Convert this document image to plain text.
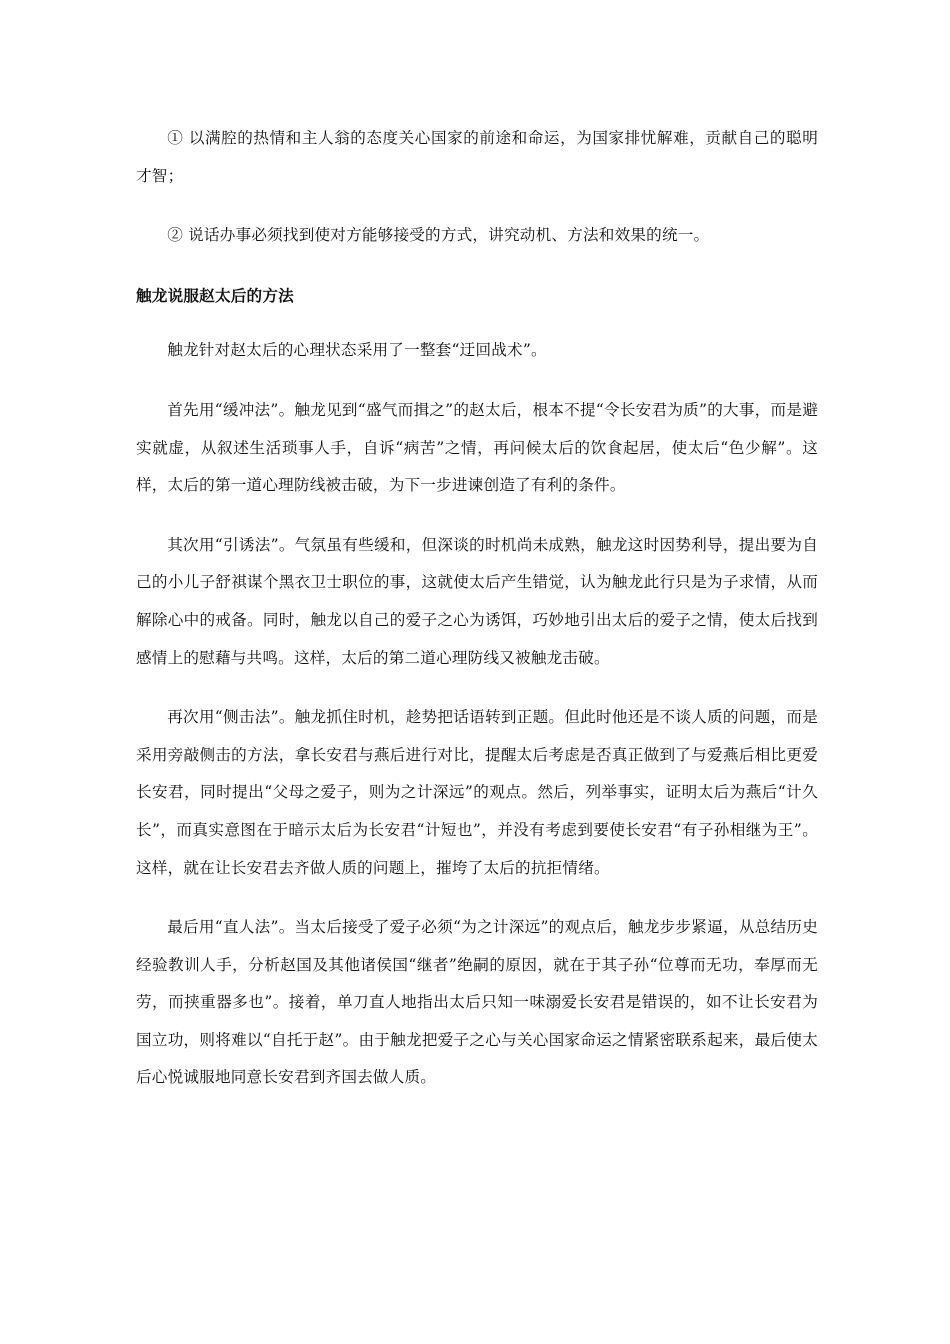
① 以满腔的热情和主人翁的态度关心国家的前途和命运，为国家排忧解难，贡献自己的聪明才智；

② 说话办事必须找到使对方能够接受的方式，讲究动机、方法和效果的统一。

触龙说服赵太后的方法

触龙针对赵太后的心理状态采用了一整套“迂回战术”。

首先用“缓冲法”。触龙见到“盛气而揖之”的赵太后，根本不提“令长安君为质”的大事，而是避实就虚，从叙述生活琐事人手，自诉“病苦”之情，再问候太后的饮食起居，使太后“色少解”。这样，太后的第一道心理防线被击破，为下一步进谏创造了有利的条件。

其次用“引诱法”。气氛虽有些缓和，但深谈的时机尚未成熟，触龙这时因势利导，提出要为自己的小儿子舒祺谋个黑衣卫士职位的事，这就使太后产生错觉，认为触龙此行只是为子求情，从而解除心中的戒备。同时，触龙以自己的爱子之心为诱饵，巧妙地引出太后的爱子之情，使太后找到感情上的慰藉与共鸣。这样，太后的第二道心理防线又被触龙击破。

再次用“侧击法”。触龙抓住时机，趁势把话语转到正题。但此时他还是不谈人质的问题，而是采用旁敲侧击的方法，拿长安君与燕后进行对比，提醒太后考虑是否真正做到了与爱燕后相比更爱长安君，同时提出“父母之爱子，则为之计深远”的观点。然后，列举事实，证明太后为燕后“计久长”，而真实意图在于暗示太后为长安君“计短也”，并没有考虑到要使长安君“有子孙相继为王”。这样，就在让长安君去齐做人质的问题上，摧垮了太后的抗拒情绪。

最后用“直人法”。当太后接受了爱子必须“为之计深远”的观点后，触龙步步紧逼，从总结历史经验教训人手，分析赵国及其他诸侯国“继者”绝嗣的原因，就在于其子孙“位尊而无功，奉厚而无劳，而挟重器多也”。接着，单刀直人地指出太后只知一味溺爱长安君是错误的，如不让长安君为国立功，则将难以“自托于赵”。由于触龙把爱子之心与关心国家命运之情紧密联系起来，最后使太后心悦诚服地同意长安君到齐国去做人质。
